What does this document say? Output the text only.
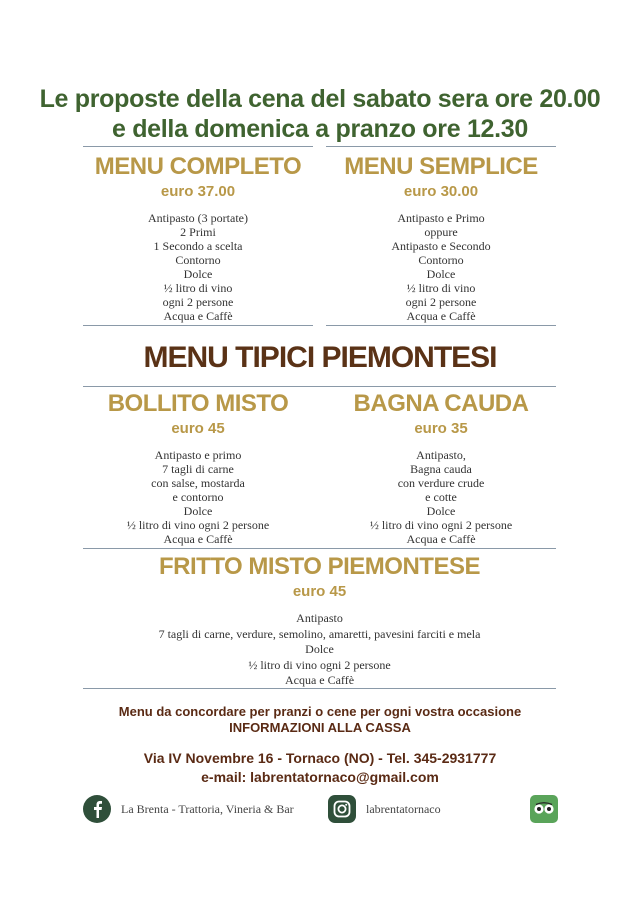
Le proposte della cena del sabato sera ore 20.00
e della domenica a pranzo ore 12.30
MENU COMPLETO
euro 37.00
Antipasto (3 portate)
2 Primi
1 Secondo a scelta
Contorno
Dolce
½ litro di vino
ogni 2 persone
Acqua e Caffè
MENU SEMPLICE
euro 30.00
Antipasto e Primo
oppure
Antipasto e Secondo
Contorno
Dolce
½ litro di vino
ogni 2 persone
Acqua e Caffè
MENU TIPICI PIEMONTESI
BOLLITO MISTO
euro 45
Antipasto e primo
7 tagli di carne
con salse, mostarda
e contorno
Dolce
½ litro di vino ogni 2 persone
Acqua e Caffè
BAGNA CAUDA
euro 35
Antipasto,
Bagna cauda
con verdure crude
e cotte
Dolce
½ litro di vino ogni 2 persone
Acqua e Caffè
FRITTO MISTO PIEMONTESE
euro 45
Antipasto
7 tagli di carne, verdure, semolino, amaretti, pavesini farciti e mela
Dolce
½ litro di vino ogni 2 persone
Acqua e Caffè
Menu da concordare per pranzi o cene per ogni vostra occasione
INFORMAZIONI ALLA CASSA
Via IV Novembre 16 - Tornaco (NO) - Tel. 345-2931777
e-mail: labrentatornaco@gmail.com
La Brenta - Trattoria, Vineria & Bar	labrentatornaco
